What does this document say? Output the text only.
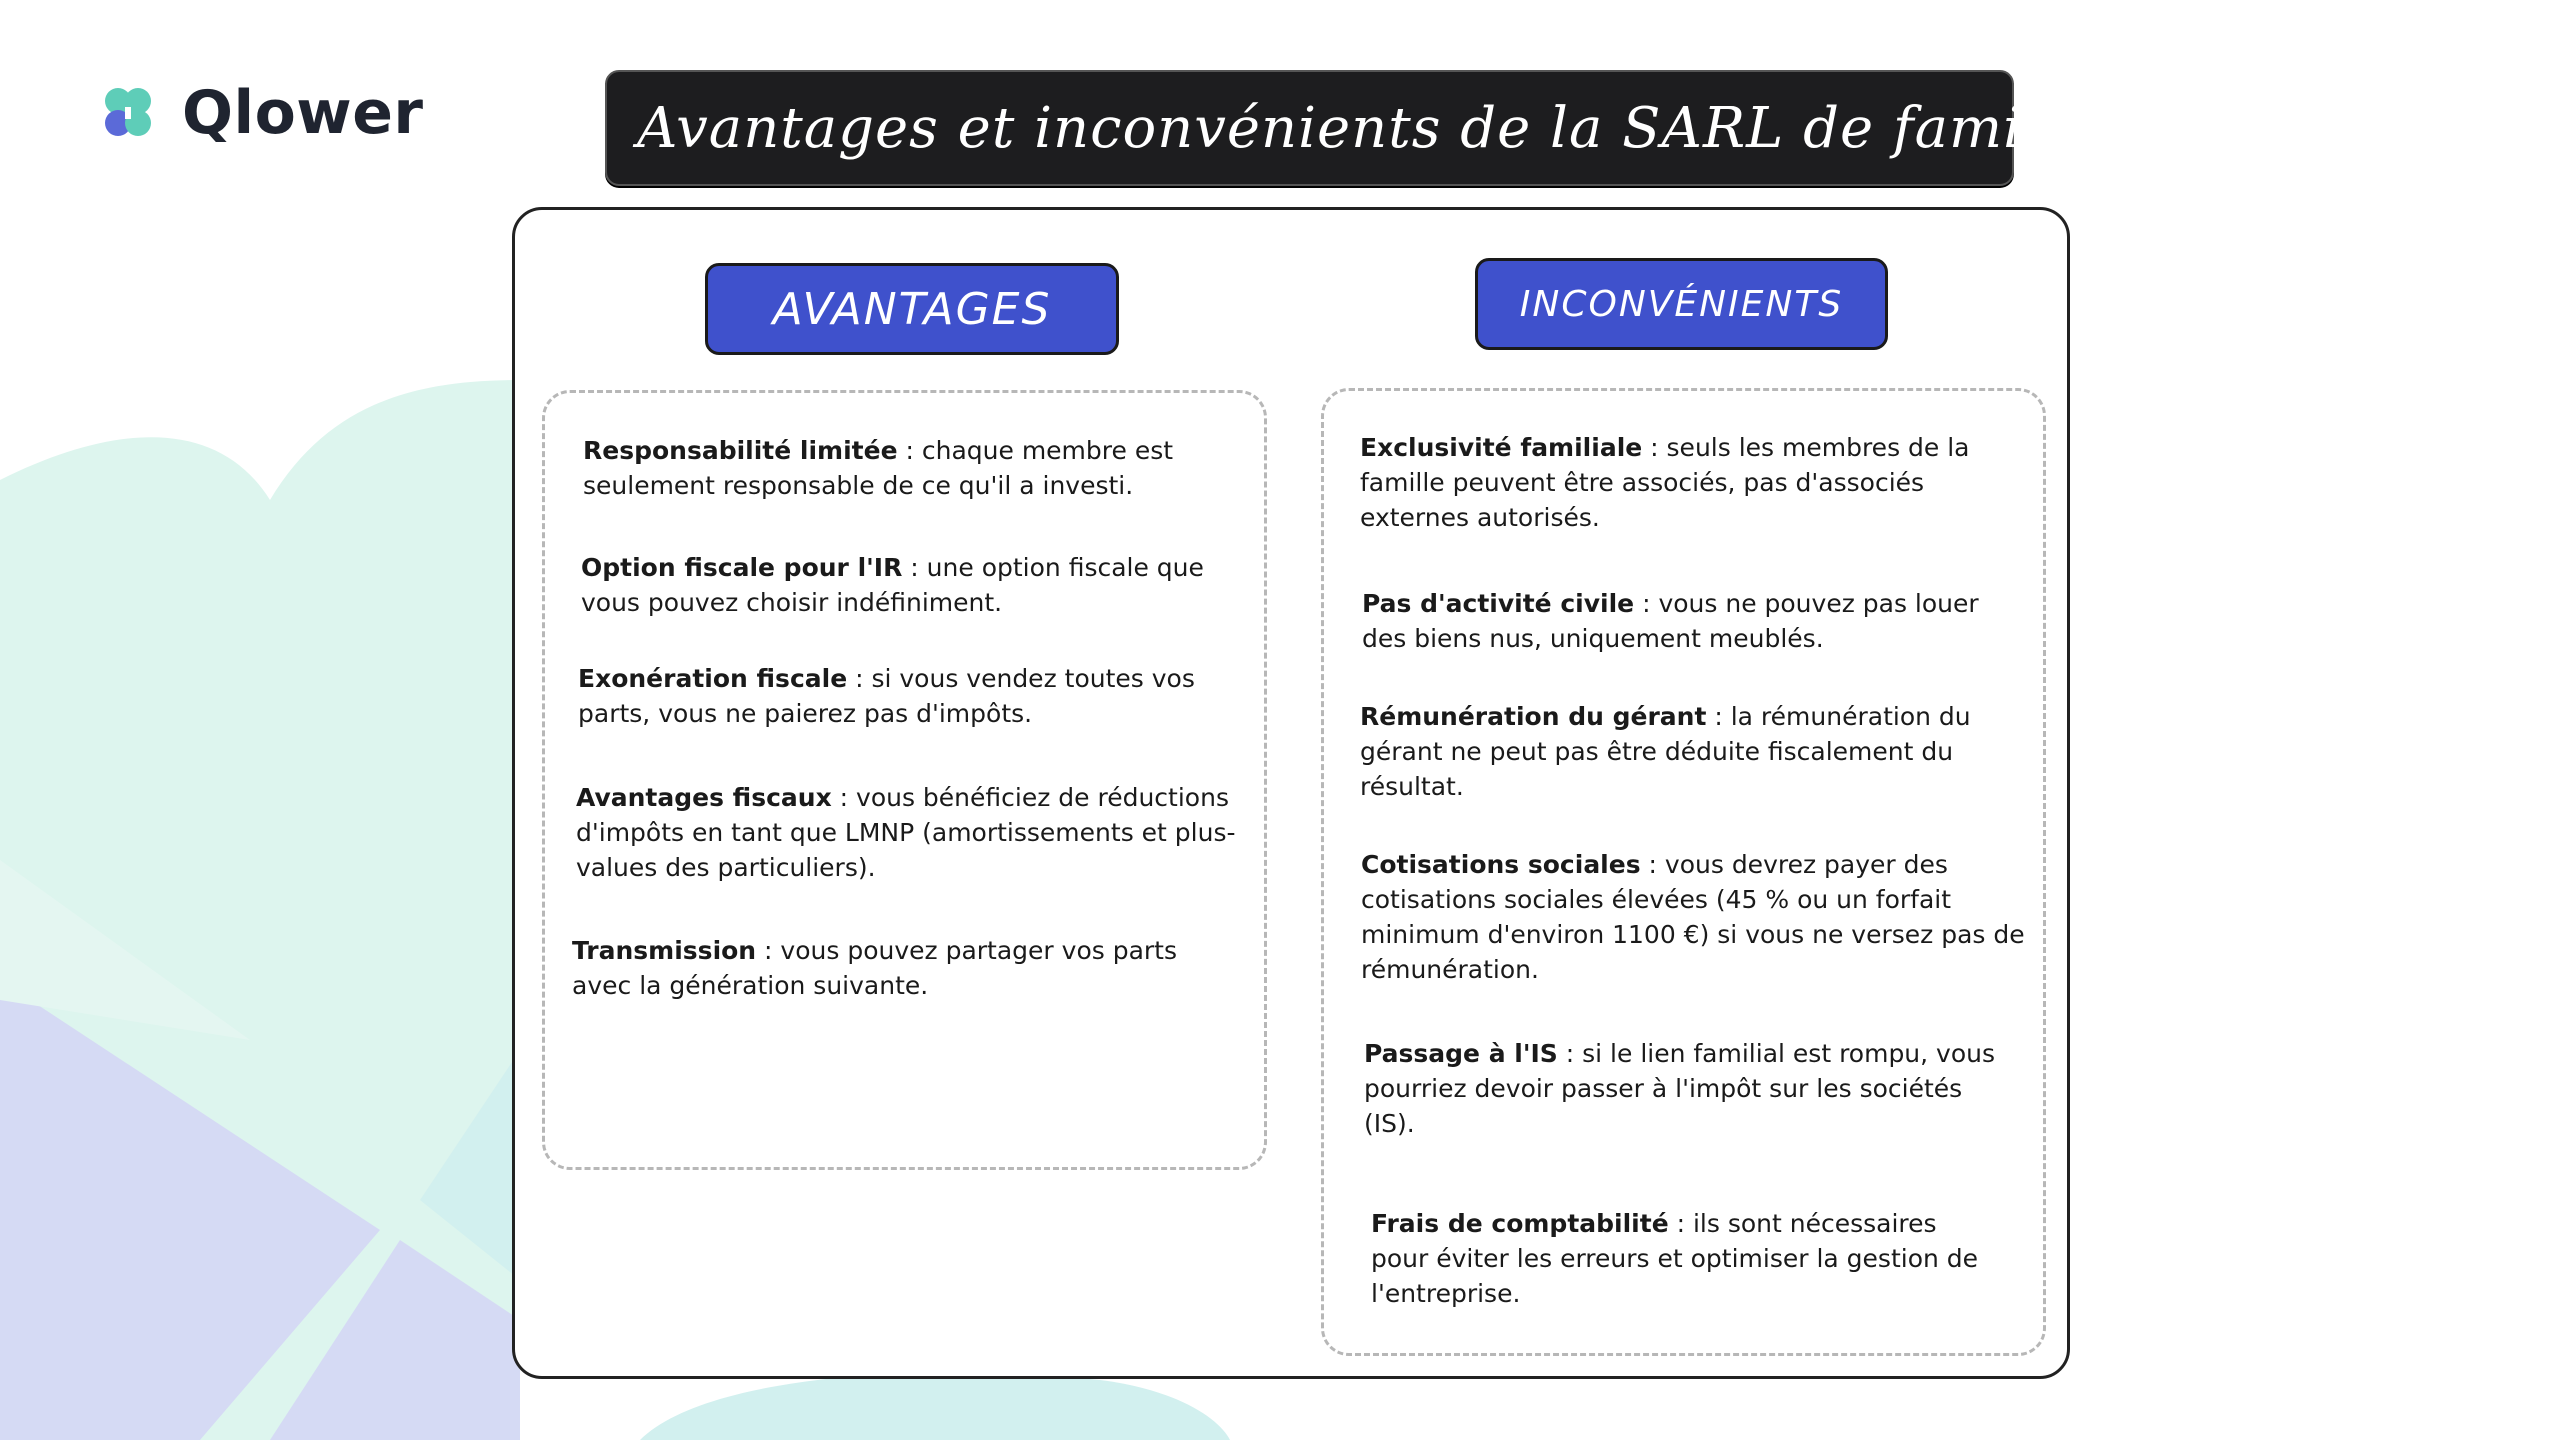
Qlower	Avantages et inconvénients de la SARL de famille
AVANTAGES	INCONVÉNIENTS
Responsabilité limitée : chaque membre est seulement responsable de ce qu'il a investi.
Option fiscale pour l'IR : une option fiscale que vous pouvez choisir indéfiniment.
Exonération fiscale : si vous vendez toutes vos parts, vous ne paierez pas d'impôts.
Avantages fiscaux : vous bénéficiez de réductions d'impôts en tant que LMNP (amortissements et plus-values des particuliers).
Transmission : vous pouvez partager vos parts avec la génération suivante.
Exclusivité familiale : seuls les membres de la famille peuvent être associés, pas d'associés externes autorisés.
Pas d'activité civile : vous ne pouvez pas louer des biens nus, uniquement meublés.
Rémunération du gérant : la rémunération du gérant ne peut pas être déduite fiscalement du résultat.
Cotisations sociales : vous devrez payer des cotisations sociales élevées (45 % ou un forfait minimum d'environ 1100 €) si vous ne versez pas de rémunération.
Passage à l'IS : si le lien familial est rompu, vous pourriez devoir passer à l'impôt sur les sociétés (IS).
Frais de comptabilité : ils sont nécessaires pour éviter les erreurs et optimiser la gestion de l'entreprise.
